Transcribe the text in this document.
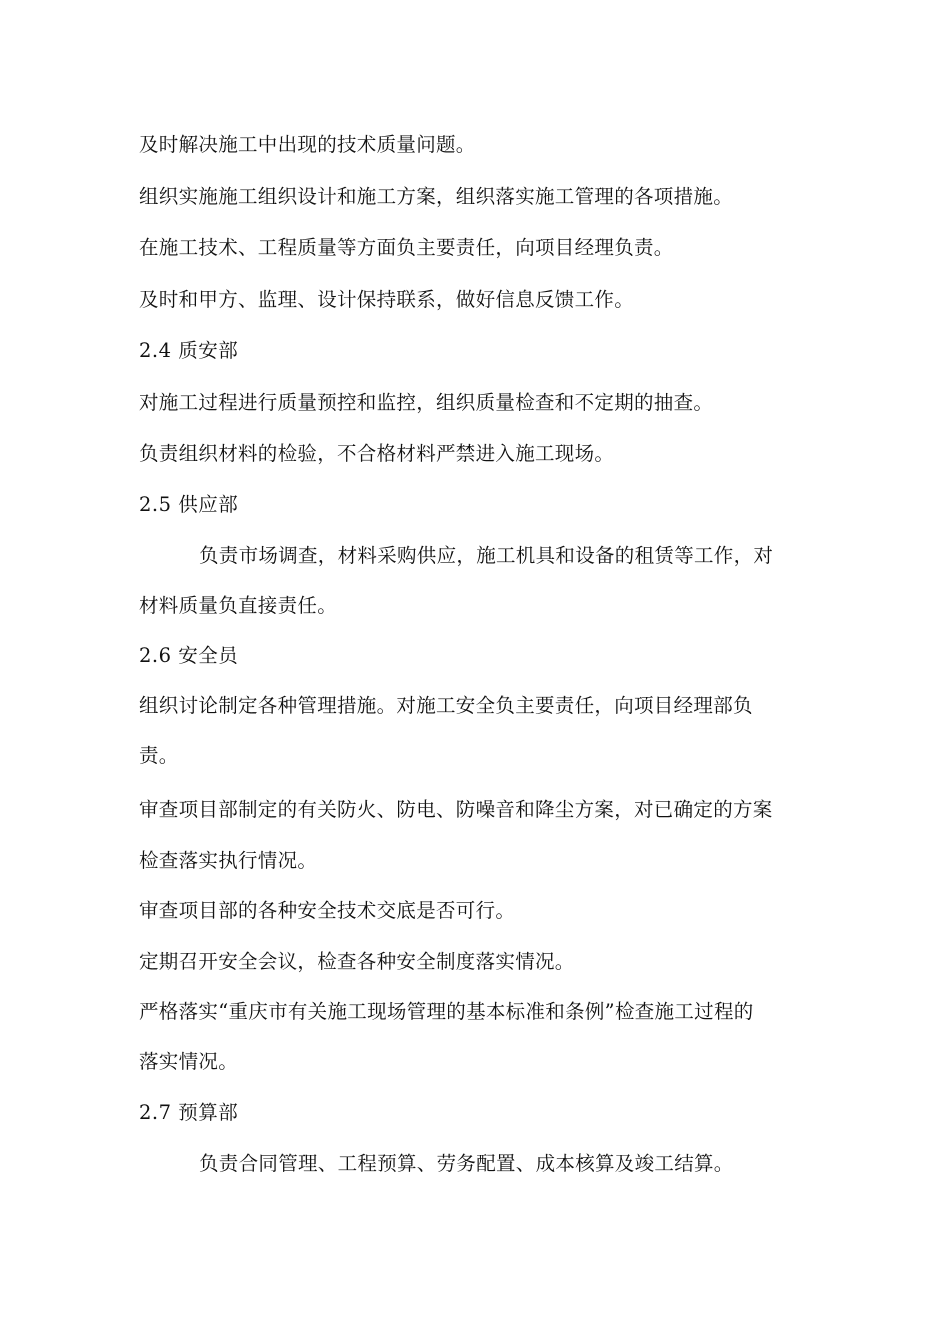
及时解决施工中出现的技术质量问题。
组织实施施工组织设计和施工方案，组织落实施工管理的各项措施。
在施工技术、工程质量等方面负主要责任，向项目经理负责。
及时和甲方、监理、设计保持联系，做好信息反馈工作。
2.4 质安部
对施工过程进行质量预控和监控，组织质量检查和不定期的抽查。
负责组织材料的检验，不合格材料严禁进入施工现场。
2.5 供应部
负责市场调查，材料采购供应，施工机具和设备的租赁等工作，对
材料质量负直接责任。
2.6 安全员
组织讨论制定各种管理措施。对施工安全负主要责任，向项目经理部负
责。
审查项目部制定的有关防火、防电、防噪音和降尘方案，对已确定的方案
检查落实执行情况。
审查项目部的各种安全技术交底是否可行。
定期召开安全会议，检查各种安全制度落实情况。
严格落实“重庆市有关施工现场管理的基本标准和条例”检查施工过程的
落实情况。
2.7 预算部
负责合同管理、工程预算、劳务配置、成本核算及竣工结算。
